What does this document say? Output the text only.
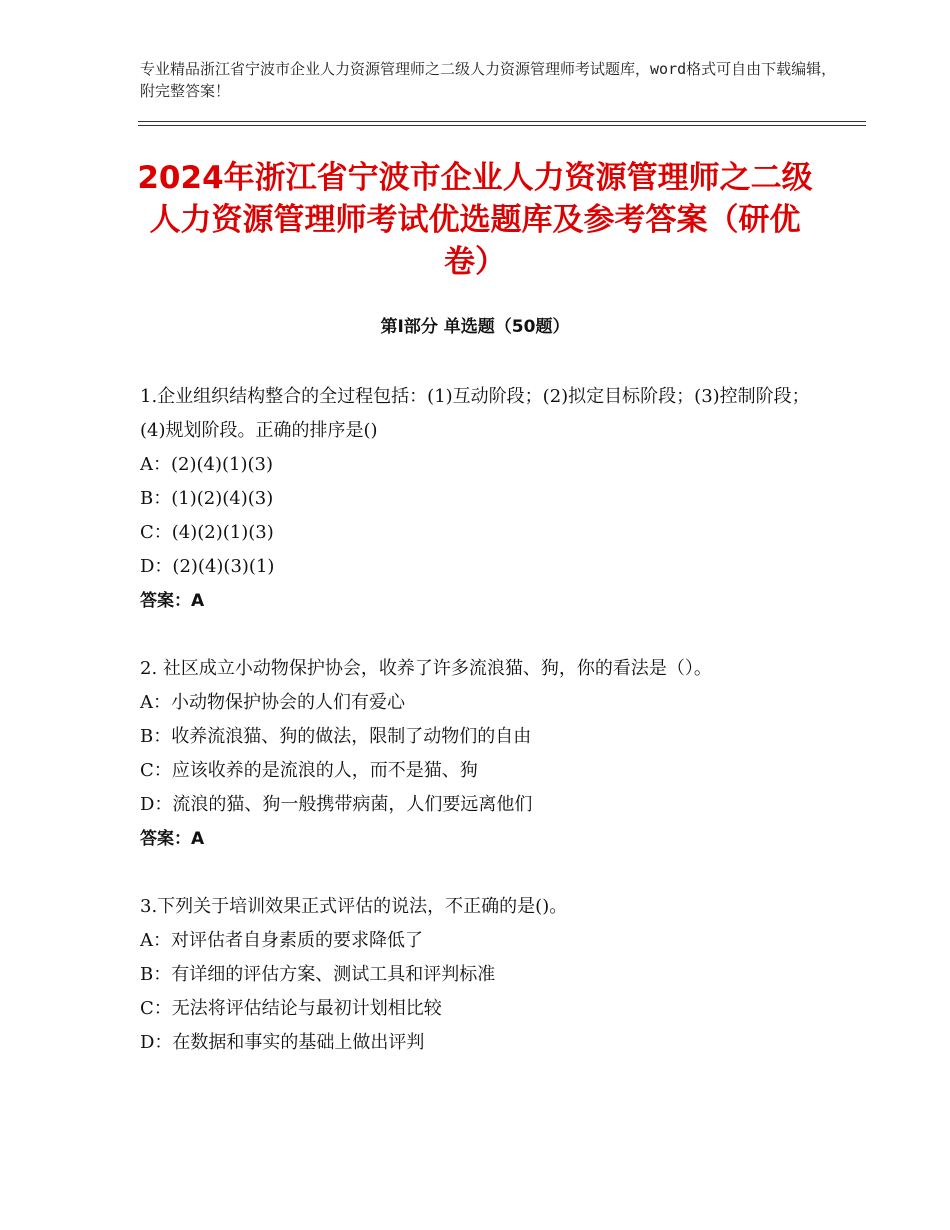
专业精品浙江省宁波市企业人力资源管理师之二级人力资源管理师考试题库，word格式可自由下载编辑，附完整答案！
2024年浙江省宁波市企业人力资源管理师之二级人力资源管理师考试优选题库及参考答案（研优卷）
第Ⅰ部分 单选题（50题）

1.企业组织结构整合的全过程包括：(1)互动阶段；(2)拟定目标阶段；(3)控制阶段；(4)规划阶段。正确的排序是()

A：(2)(4)(1)(3)

B：(1)(2)(4)(3)

C：(4)(2)(1)(3)

D：(2)(4)(3)(1)

答案：A

2. 社区成立小动物保护协会，收养了许多流浪猫、狗，你的看法是（）。

A：小动物保护协会的人们有爱心

B：收养流浪猫、狗的做法，限制了动物们的自由

C：应该收养的是流浪的人，而不是猫、狗

D：流浪的猫、狗一般携带病菌，人们要远离他们

答案：A

3.下列关于培训效果正式评估的说法，不正确的是()。

A：对评估者自身素质的要求降低了

B：有详细的评估方案、测试工具和评判标准

C：无法将评估结论与最初计划相比较

D：在数据和事实的基础上做出评判
